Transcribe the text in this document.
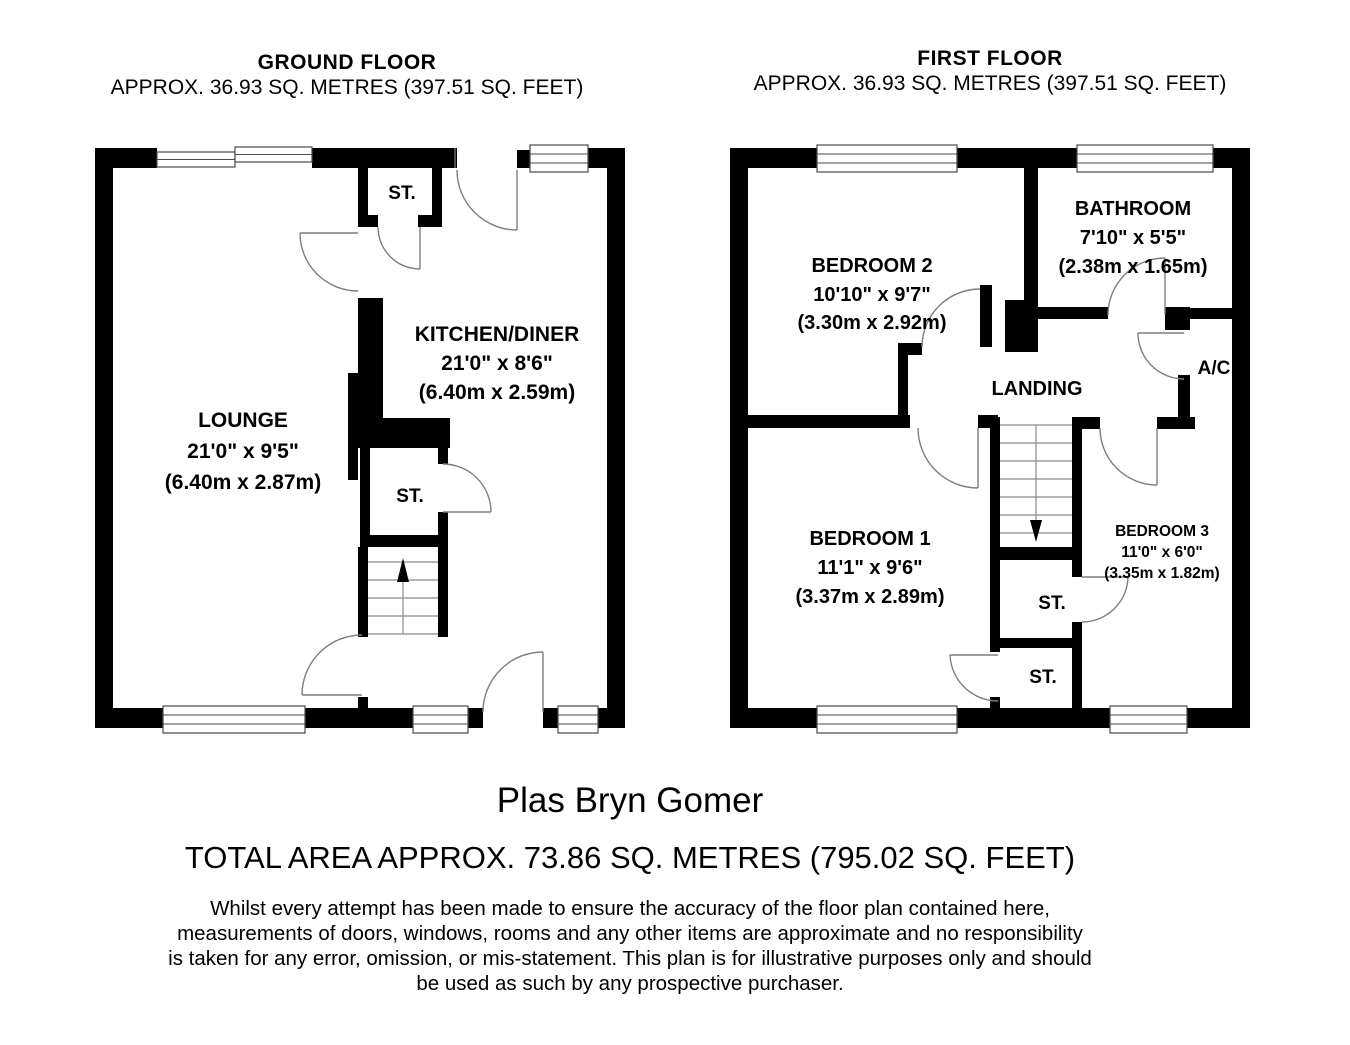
GROUND FLOOR
APPROX. 36.93 SQ. METRES (397.51 SQ. FEET)
LOUNGE
21'0" x 9'5"
(6.40m x 2.87m)
KITCHEN/DINER
21'0" x 8'6"
(6.40m x 2.59m)
ST.
ST.
FIRST FLOOR
APPROX. 36.93 SQ. METRES (397.51 SQ. FEET)
BEDROOM 2
10'10" x 9'7"
(3.30m x 2.92m)
BATHROOM
7'10" x 5'5"
(2.38m x 1.65m)
BEDROOM 1
11'1" x 9'6"
(3.37m x 2.89m)
BEDROOM 3
11'0" x 6'0"
(3.35m x 1.82m)
LANDING
A/C
ST.
ST.
Plas Bryn Gomer
TOTAL AREA APPROX. 73.86 SQ. METRES (795.02 SQ. FEET)
Whilst every attempt has been made to ensure the accuracy of the floor plan contained here,
measurements of doors, windows, rooms and any other items are approximate and no responsibility
is taken for any error, omission, or mis-statement. This plan is for illustrative purposes only and should
be used as such by any prospective purchaser.
